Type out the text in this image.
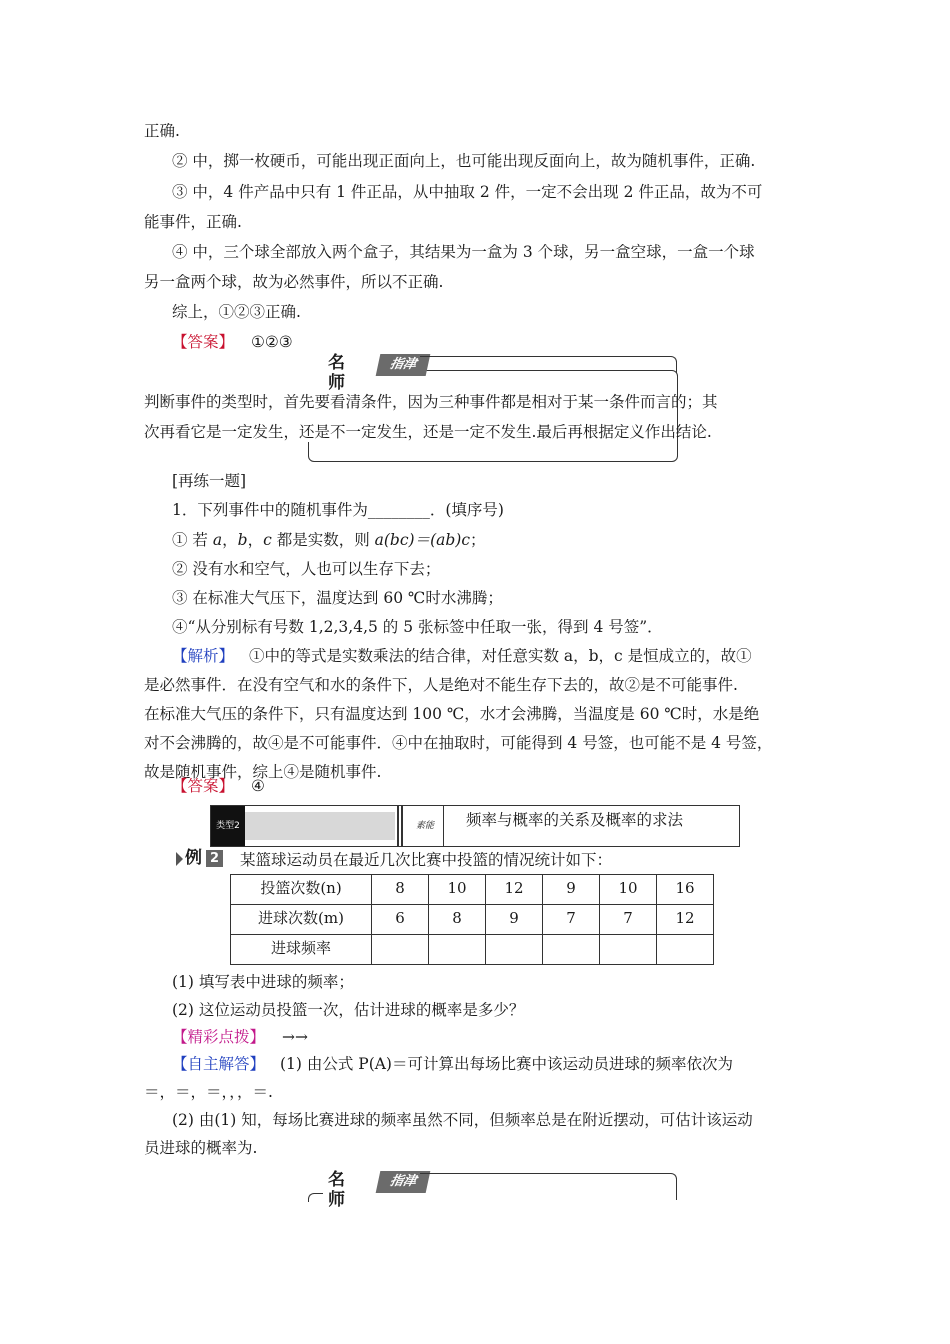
正确.
② 中，掷一枚硬币，可能出现正面向上，也可能出现反面向上，故为随机事件，正确.
③ 中，4 件产品中只有 1 件正品，从中抽取 2 件，一定不会出现 2 件正品，故为不可
能事件，正确.
④ 中，三个球全部放入两个盒子，其结果为一盒为 3 个球，另一盒空球，一盒一个球
另一盒两个球，故为必然事件，所以不正确.
综上，①②③正确.
【答案】 ①②③
名师
指津
判断事件的类型时，首先要看清条件，因为三种事件都是相对于某一条件而言的；其
次再看它是一定发生，还是不一定发生，还是一定不发生.最后再根据定义作出结论.
[再练一题]
1．下列事件中的随机事件为________．(填序号)
① 若 a，b，c 都是实数，则 a(bc)＝(ab)c；
② 没有水和空气，人也可以生存下去；
③ 在标准大气压下，温度达到 60 ℃时水沸腾；
④“从分别标有号数 1,2,3,4,5 的 5 张标签中任取一张，得到 4 号签”．
【解析】 ①中的等式是实数乘法的结合律，对任意实数 a，b，c 是恒成立的，故①
是必然事件．在没有空气和水的条件下，人是绝对不能生存下去的，故②是不可能事件.
在标准大气压的条件下，只有温度达到 100 ℃，水才会沸腾，当温度是 60 ℃时，水是绝
对不会沸腾的，故④是不可能事件．④中在抽取时，可能得到 4 号签，也可能不是 4 号签，
故是随机事件，综上④是随机事件.
【答案】 ④
类型2	素能	频率与概率的关系及概率的求法
例 2 某篮球运动员在最近几次比赛中投篮的情况统计如下：
投篮次数(n)	8	10	12	9	10	16
进球次数(m)	6	8	9	7	7	12
进球频率						
(1) 填写表中进球的频率；
(2) 这位运动员投篮一次，估计进球的概率是多少？
【精彩点拨】 →→
【自主解答】 (1) 由公式 P(A)＝可计算出每场比赛中该运动员进球的频率依次为
＝，＝，＝，，，＝.
(2) 由(1) 知，每场比赛进球的频率虽然不同，但频率总是在附近摆动，可估计该运动
员进球的概率为.
名师
指津
